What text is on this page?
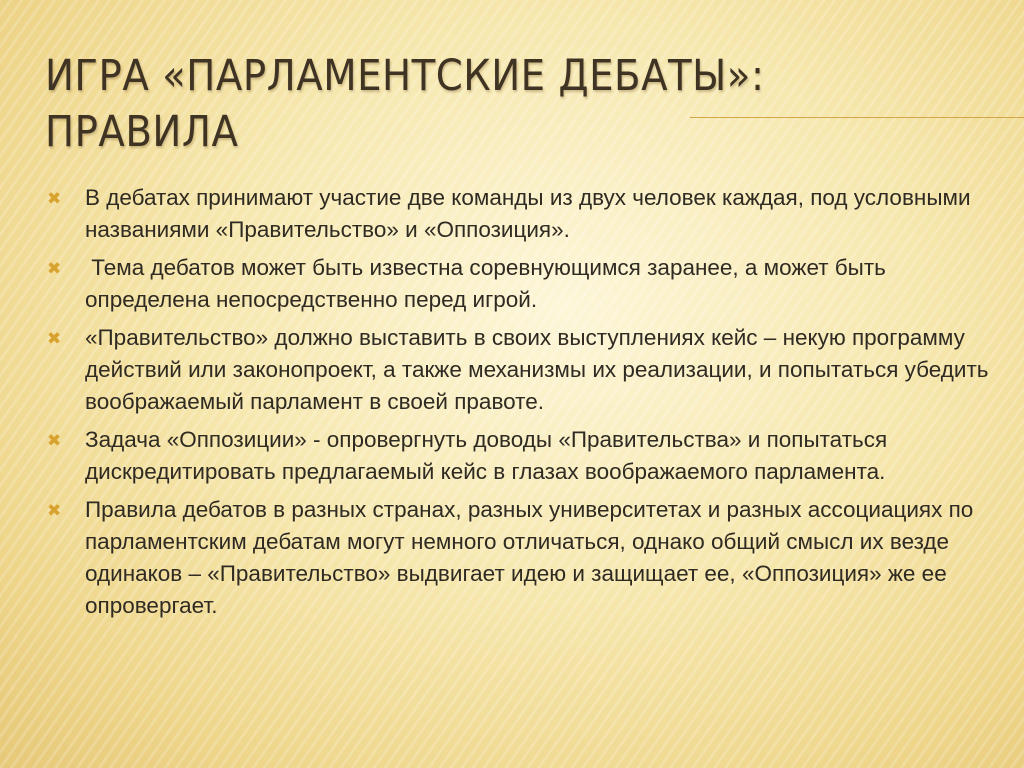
ИГРА «ПАРЛАМЕНТСКИЕ ДЕБАТЫ»:
ПРАВИЛА
✖ В дебатах принимают участие две команды из двух человек каждая, под условными названиями «Правительство» и «Оппозиция».
✖ Тема дебатов может быть известна соревнующимся заранее, а может быть определена непосредственно перед игрой.
✖ «Правительство» должно выставить в своих выступлениях кейс – некую программу действий или законопроект, а также механизмы их реализации, и попытаться убедить воображаемый парламент в своей правоте.
✖ Задача «Оппозиции» - опровергнуть доводы «Правительства» и попытаться дискредитировать предлагаемый кейс в глазах воображаемого парламента.
✖ Правила дебатов в разных странах, разных университетах и разных ассоциациях по парламентским дебатам могут немного отличаться, однако общий смысл их везде одинаков – «Правительство» выдвигает идею и защищает ее, «Оппозиция» же ее опровергает.
